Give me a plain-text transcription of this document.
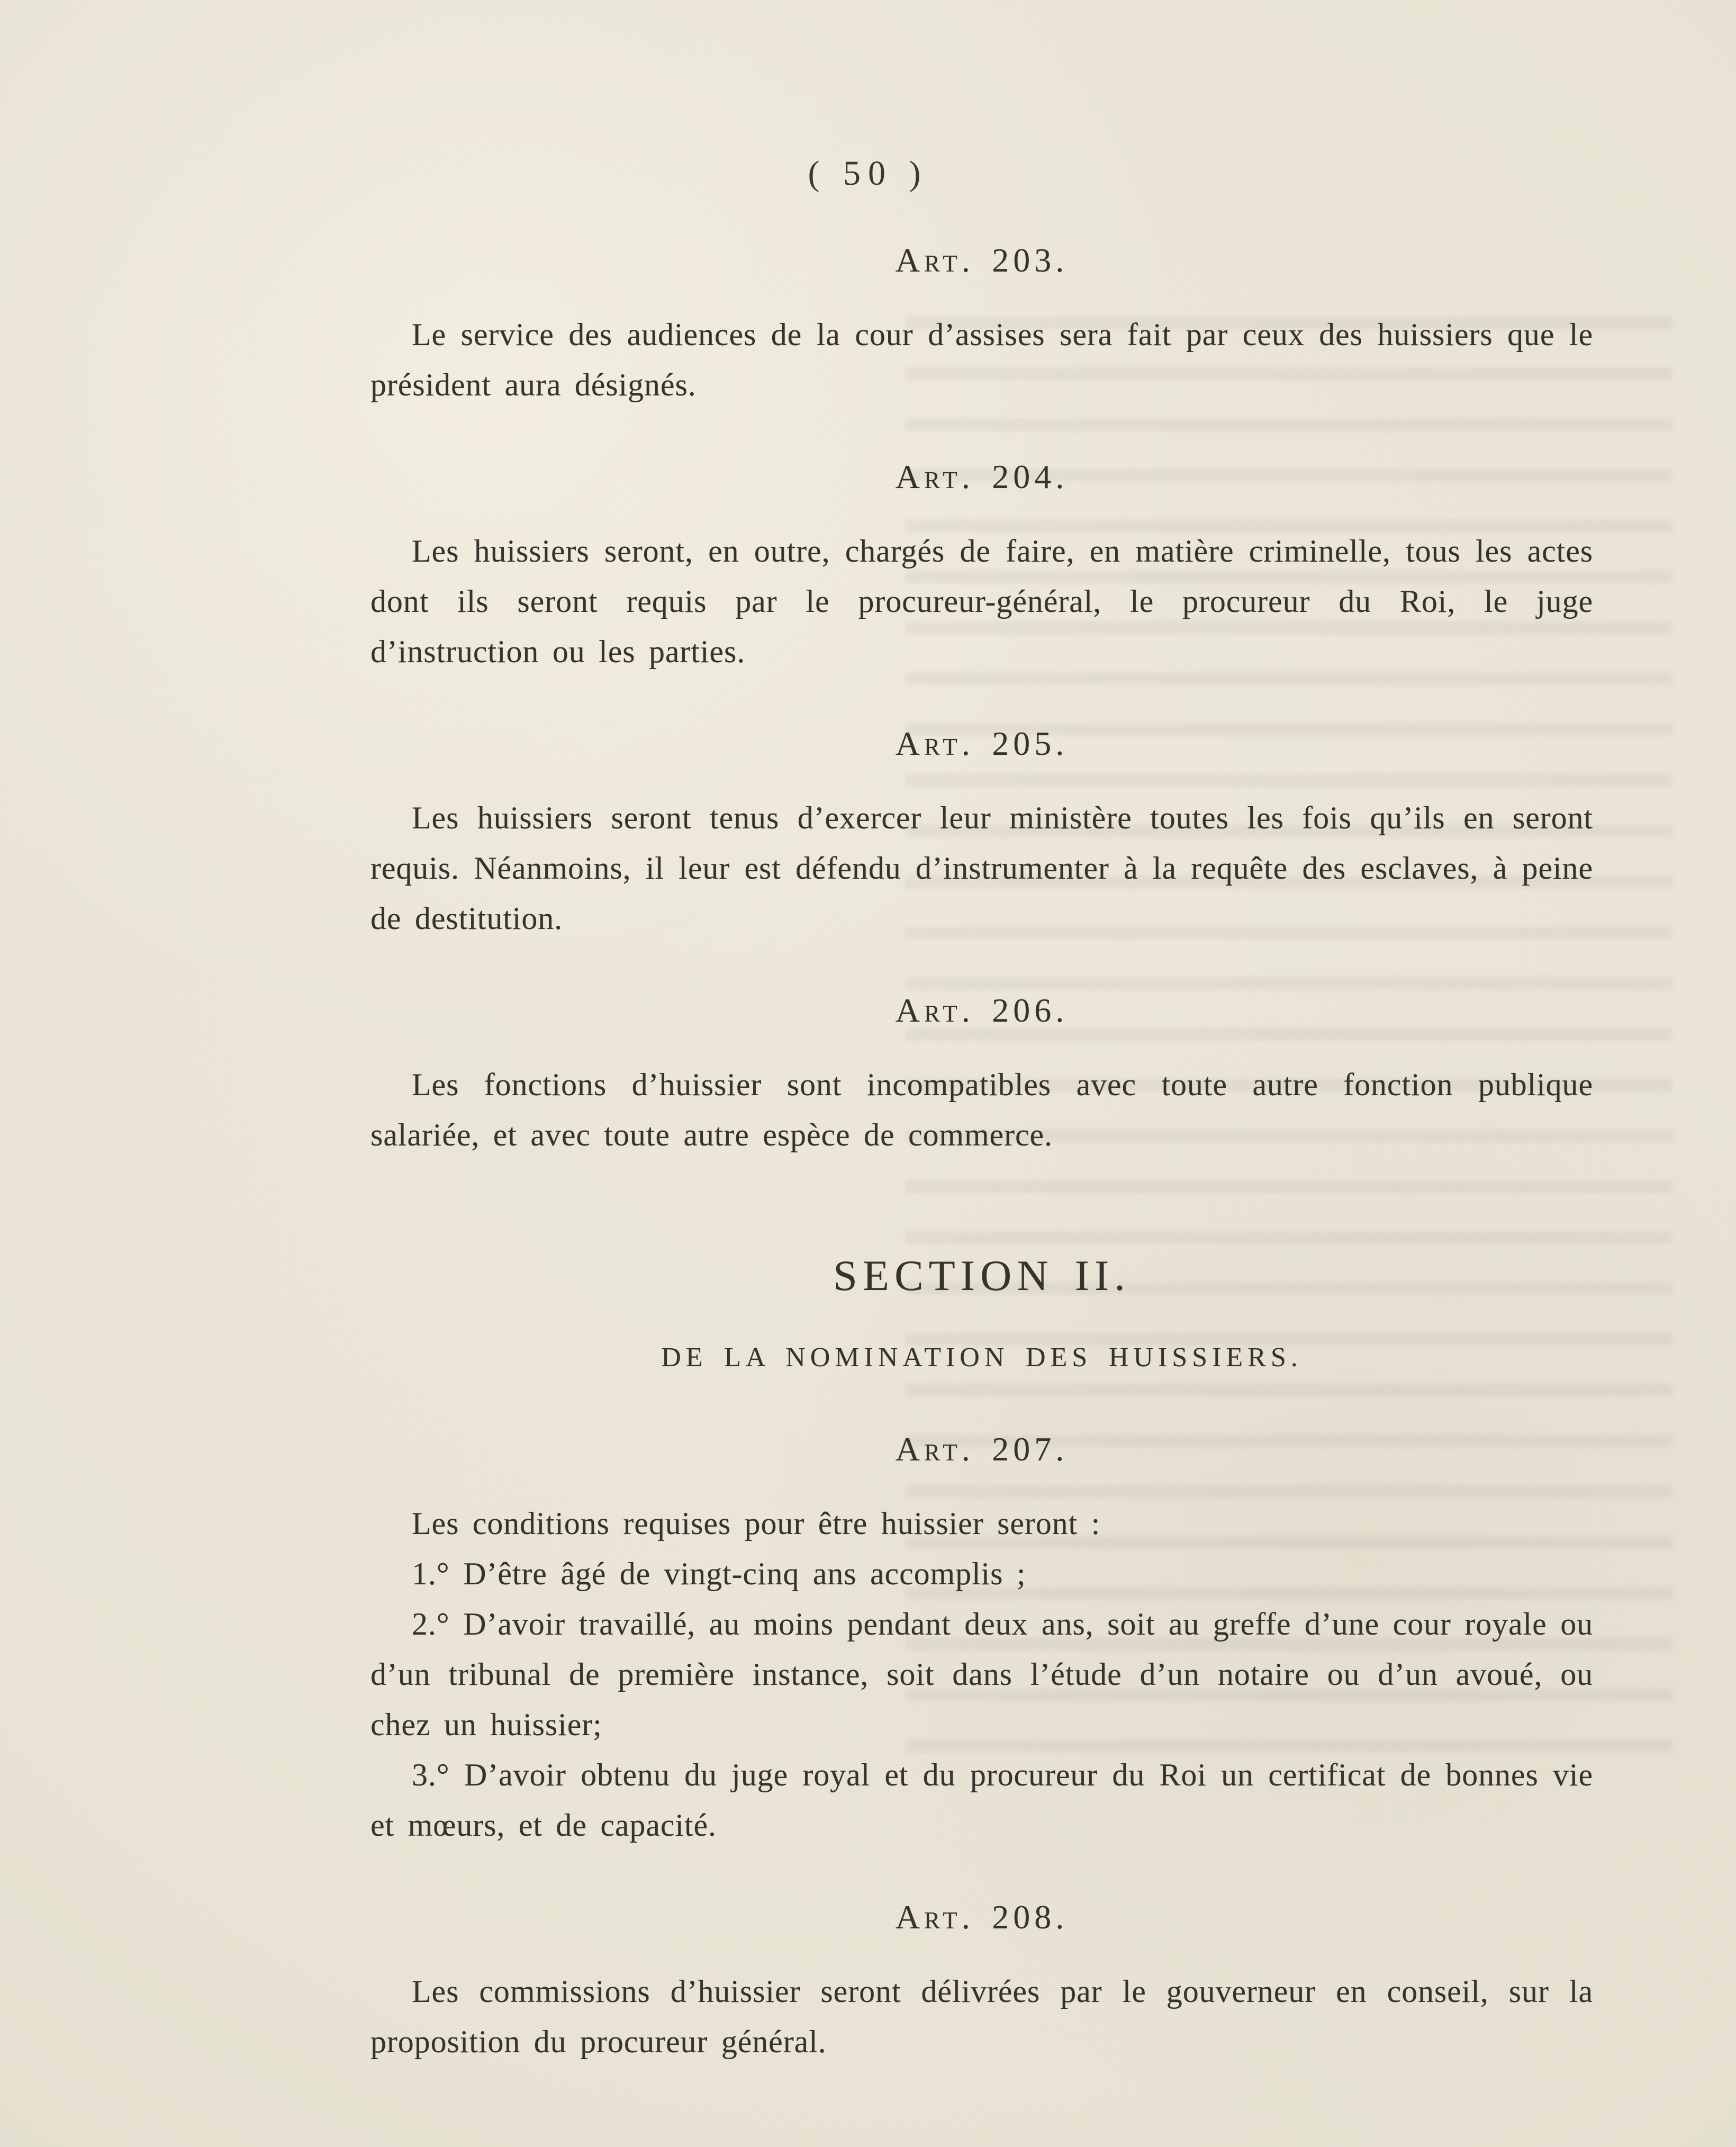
( 50 )
Art. 203.

Le service des audiences de la cour d’assises sera fait par ceux des huissiers que le président aura désignés.

Art. 204.

Les huissiers seront, en outre, chargés de faire, en matière criminelle, tous les actes dont ils seront requis par le procureur-général, le procureur du Roi, le juge d’instruction ou les parties.

Art. 205.

Les huissiers seront tenus d’exercer leur ministère toutes les fois qu’ils en seront requis. Néanmoins, il leur est défendu d’instrumenter à la requête des esclaves, à peine de destitution.

Art. 206.

Les fonctions d’huissier sont incompatibles avec toute autre fonction publique salariée, et avec toute autre espèce de commerce.

SECTION II.
DE LA NOMINATION DES HUISSIERS.
Art. 207.

Les conditions requises pour être huissier seront :

1.° D’être âgé de vingt-cinq ans accomplis ;

2.° D’avoir travaillé, au moins pendant deux ans, soit au greffe d’une cour royale ou d’un tribunal de première instance, soit dans l’étude d’un notaire ou d’un avoué, ou chez un huissier;

3.° D’avoir obtenu du juge royal et du procureur du Roi un certificat de bonnes vie et mœurs, et de capacité.

Art. 208.

Les commissions d’huissier seront délivrées par le gouverneur en conseil, sur la proposition du procureur général.
